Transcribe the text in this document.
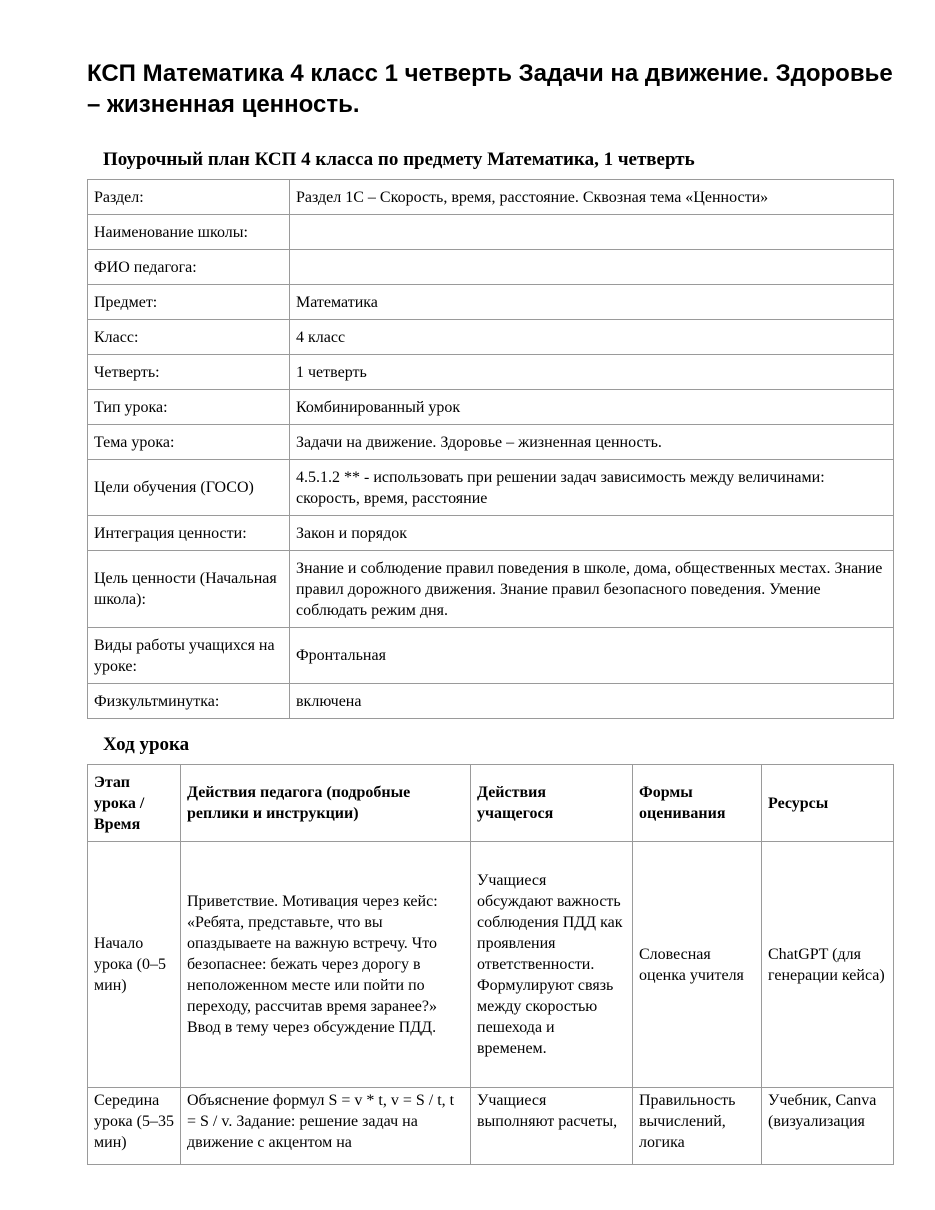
КСП Математика 4 класс 1 четверть Задачи на движение. Здоровье – жизненная ценность.
Поурочный план КСП 4 класса по предмету Математика, 1 четверть
Раздел:	Раздел 1С – Скорость, время, расстояние. Сквозная тема «Ценности»
Наименование школы:	
ФИО педагога:	
Предмет:	Математика
Класс:	4 класс
Четверть:	1 четверть
Тип урока:	Комбинированный урок
Тема урока:	Задачи на движение. Здоровье – жизненная ценность.
Цели обучения (ГОСО)	4.5.1.2 ** - использовать при решении задач зависимость между величинами: скорость, время, расстояние
Интеграция ценности:	Закон и порядок
Цель ценности (Начальная школа):	Знание и соблюдение правил поведения в школе, дома, общественных местах. Знание правил дорожного движения. Знание правил безопасного поведения. Умение соблюдать режим дня.
Виды работы учащихся на уроке:	Фронтальная
Физкультминутка:	включена
Ход урока
Этап урока / Время	Действия педагога (подробные реплики и инструкции)	Действия учащегося	Формы оценивания	Ресурсы
Начало урока (0–5 мин)	Приветствие. Мотивация через кейс: «Ребята, представьте, что вы опаздываете на важную встречу. Что безопаснее: бежать через дорогу в неположенном месте или пойти по переходу, рассчитав время заранее?» Ввод в тему через обсуждение ПДД.	Учащиеся обсуждают важность соблюдения ПДД как проявления ответственности. Формулируют связь между скоростью пешехода и временем.	Словесная оценка учителя	ChatGPT (для генерации кейса)
Середина урока (5–35 мин)	Объяснение формул S = v * t, v = S / t, t = S / v. Задание: решение задач на движение с акцентом на	Учащиеся выполняют расчеты,	Правильность вычислений, логика	Учебник, Canva (визуализация
